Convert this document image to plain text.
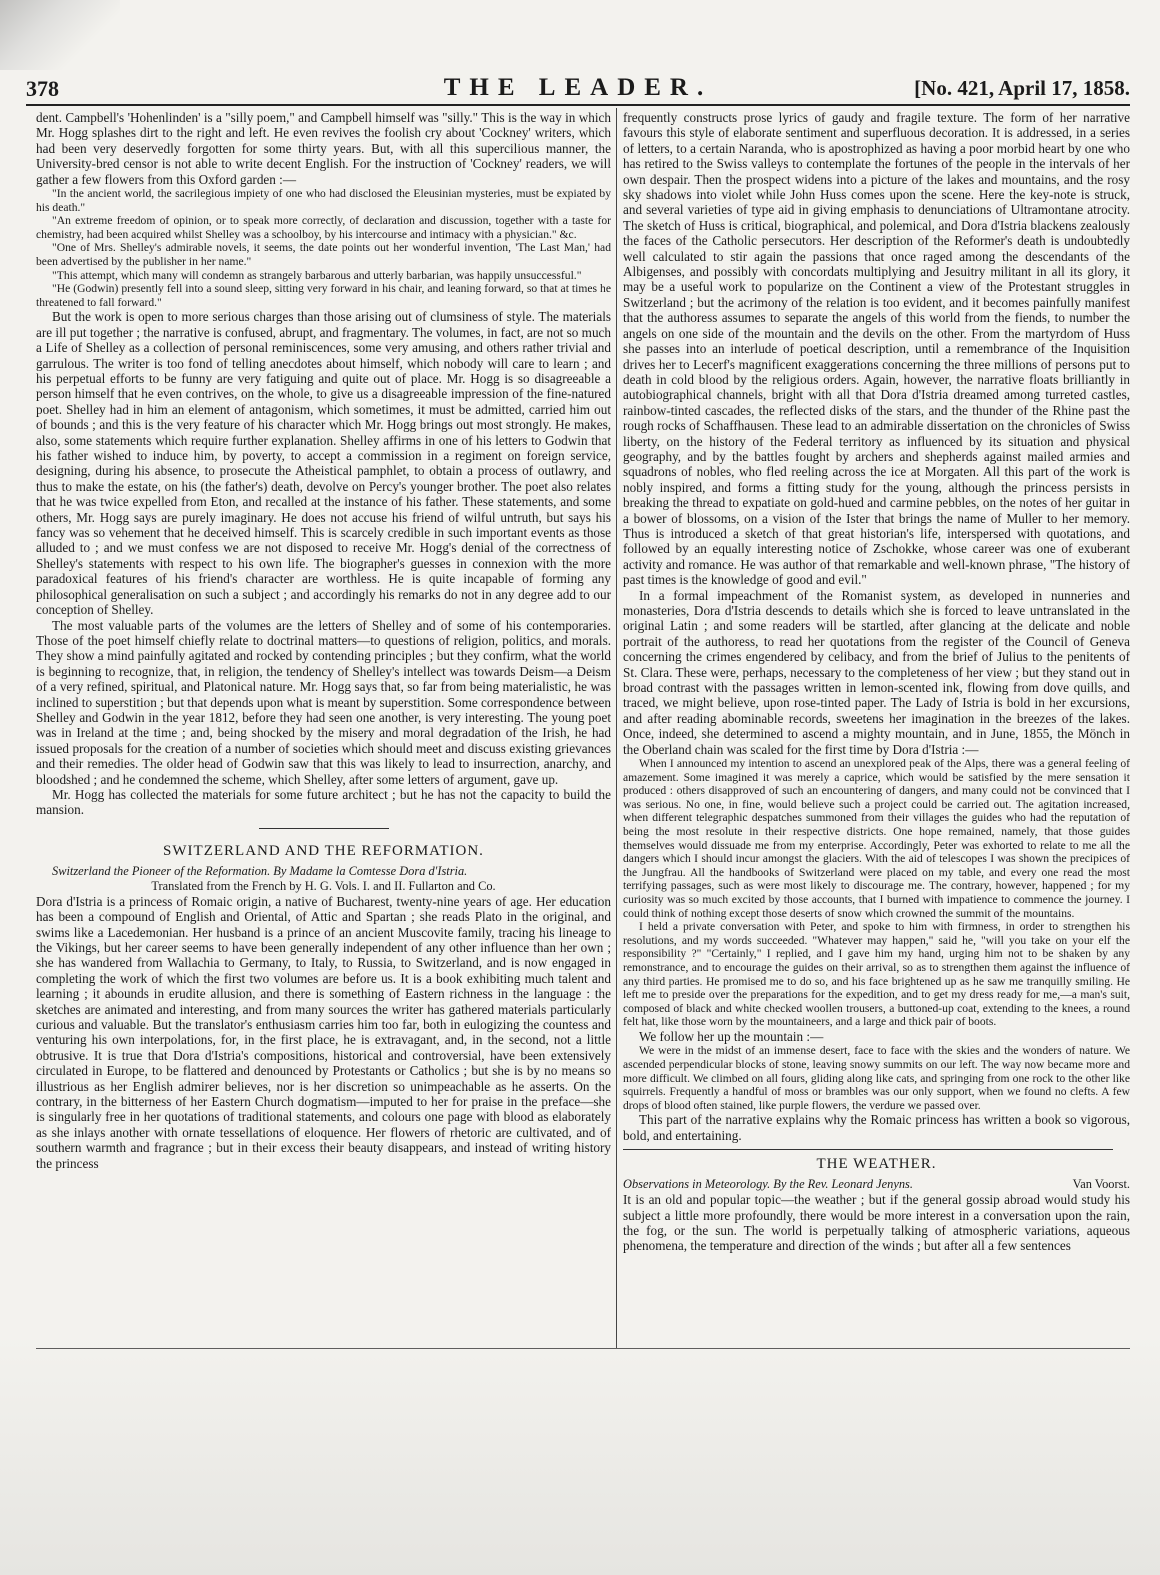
378	THE LEADER.	[No. 421, April 17, 1858.

dent. Campbell's 'Hohenlinden' is a "silly poem," and Campbell himself was "silly." This is the way in which Mr. Hogg splashes dirt to the right and left. He even revives the foolish cry about 'Cockney' writers, which had been very deservedly forgotten for some thirty years. But, with all this supercilious manner, the University-bred censor is not able to write decent English. For the instruction of 'Cockney' readers, we will gather a few flowers from this Oxford garden :—

"In the ancient world, the sacrilegious impiety of one who had disclosed the Eleusinian mysteries, must be expiated by his death."

"An extreme freedom of opinion, or to speak more correctly, of declaration and discussion, together with a taste for chemistry, had been acquired whilst Shelley was a schoolboy, by his intercourse and intimacy with a physician." &c.

"One of Mrs. Shelley's admirable novels, it seems, the date points out her wonderful invention, 'The Last Man,' had been advertised by the publisher in her name."

"This attempt, which many will condemn as strangely barbarous and utterly barbarian, was happily unsuccessful."

"He (Godwin) presently fell into a sound sleep, sitting very forward in his chair, and leaning forward, so that at times he threatened to fall forward."

But the work is open to more serious charges than those arising out of clumsiness of style. The materials are ill put together ; the narrative is confused, abrupt, and fragmentary. The volumes, in fact, are not so much a Life of Shelley as a collection of personal reminiscences, some very amusing, and others rather trivial and garrulous. The writer is too fond of telling anecdotes about himself, which nobody will care to learn ; and his perpetual efforts to be funny are very fatiguing and quite out of place. Mr. Hogg is so disagreeable a person himself that he even contrives, on the whole, to give us a disagreeable impression of the fine-natured poet. Shelley had in him an element of antagonism, which sometimes, it must be admitted, carried him out of bounds ; and this is the very feature of his character which Mr. Hogg brings out most strongly. He makes, also, some statements which require further explanation. Shelley affirms in one of his letters to Godwin that his father wished to induce him, by poverty, to accept a commission in a regiment on foreign service, designing, during his absence, to prosecute the Atheistical pamphlet, to obtain a process of outlawry, and thus to make the estate, on his (the father's) death, devolve on Percy's younger brother. The poet also relates that he was twice expelled from Eton, and recalled at the instance of his father. These statements, and some others, Mr. Hogg says are purely imaginary. He does not accuse his friend of wilful untruth, but says his fancy was so vehement that he deceived himself. This is scarcely credible in such important events as those alluded to ; and we must confess we are not disposed to receive Mr. Hogg's denial of the correctness of Shelley's statements with respect to his own life. The biographer's guesses in connexion with the more paradoxical features of his friend's character are worthless. He is quite incapable of forming any philosophical generalisation on such a subject ; and accordingly his remarks do not in any degree add to our conception of Shelley.

The most valuable parts of the volumes are the letters of Shelley and of some of his contemporaries. Those of the poet himself chiefly relate to doctrinal matters—to questions of religion, politics, and morals. They show a mind painfully agitated and rocked by contending principles ; but they confirm, what the world is beginning to recognize, that, in religion, the tendency of Shelley's intellect was towards Deism—a Deism of a very refined, spiritual, and Platonical nature. Mr. Hogg says that, so far from being materialistic, he was inclined to superstition ; but that depends upon what is meant by superstition. Some correspondence between Shelley and Godwin in the year 1812, before they had seen one another, is very interesting. The young poet was in Ireland at the time ; and, being shocked by the misery and moral degradation of the Irish, he had issued proposals for the creation of a number of societies which should meet and discuss existing grievances and their remedies. The older head of Godwin saw that this was likely to lead to insurrection, anarchy, and bloodshed ; and he condemned the scheme, which Shelley, after some letters of argument, gave up.

Mr. Hogg has collected the materials for some future architect ; but he has not the capacity to build the mansion.

SWITZERLAND AND THE REFORMATION.

Switzerland the Pioneer of the Reformation. By Madame la Comtesse Dora d'Istria.

Translated from the French by H. G. Vols. I. and II. Fullarton and Co.

Dora d'Istria is a princess of Romaic origin, a native of Bucharest, twenty-nine years of age. Her education has been a compound of English and Oriental, of Attic and Spartan ; she reads Plato in the original, and swims like a Lacedemonian. Her husband is a prince of an ancient Muscovite family, tracing his lineage to the Vikings, but her career seems to have been generally independent of any other influence than her own ; she has wandered from Wallachia to Germany, to Italy, to Russia, to Switzerland, and is now engaged in completing the work of which the first two volumes are before us. It is a book exhibiting much talent and learning ; it abounds in erudite allusion, and there is something of Eastern richness in the language : the sketches are animated and interesting, and from many sources the writer has gathered materials particularly curious and valuable. But the translator's enthusiasm carries him too far, both in eulogizing the countess and venturing his own interpolations, for, in the first place, he is extravagant, and, in the second, not a little obtrusive. It is true that Dora d'Istria's compositions, historical and controversial, have been extensively circulated in Europe, to be flattered and denounced by Protestants or Catholics ; but she is by no means so illustrious as her English admirer believes, nor is her discretion so unimpeachable as he asserts. On the contrary, in the bitterness of her Eastern Church dogmatism—imputed to her for praise in the preface—she is singularly free in her quotations of traditional statements, and colours one page with blood as elaborately as she inlays another with ornate tessellations of eloquence. Her flowers of rhetoric are cultivated, and of southern warmth and fragrance ; but in their excess their beauty disappears, and instead of writing history the princess

frequently constructs prose lyrics of gaudy and fragile texture. The form of her narrative favours this style of elaborate sentiment and superfluous decoration. It is addressed, in a series of letters, to a certain Naranda, who is apostrophized as having a poor morbid heart by one who has retired to the Swiss valleys to contemplate the fortunes of the people in the intervals of her own despair. Then the prospect widens into a picture of the lakes and mountains, and the rosy sky shadows into violet while John Huss comes upon the scene. Here the key-note is struck, and several varieties of type aid in giving emphasis to denunciations of Ultramontane atrocity. The sketch of Huss is critical, biographical, and polemical, and Dora d'Istria blackens zealously the faces of the Catholic persecutors. Her description of the Reformer's death is undoubtedly well calculated to stir again the passions that once raged among the descendants of the Albigenses, and possibly with concordats multiplying and Jesuitry militant in all its glory, it may be a useful work to popularize on the Continent a view of the Protestant struggles in Switzerland ; but the acrimony of the relation is too evident, and it becomes painfully manifest that the authoress assumes to separate the angels of this world from the fiends, to number the angels on one side of the mountain and the devils on the other. From the martyrdom of Huss she passes into an interlude of poetical description, until a remembrance of the Inquisition drives her to Lecerf's magnificent exaggerations concerning the three millions of persons put to death in cold blood by the religious orders. Again, however, the narrative floats brilliantly in autobiographical channels, bright with all that Dora d'Istria dreamed among turreted castles, rainbow-tinted cascades, the reflected disks of the stars, and the thunder of the Rhine past the rough rocks of Schaffhausen. These lead to an admirable dissertation on the chronicles of Swiss liberty, on the history of the Federal territory as influenced by its situation and physical geography, and by the battles fought by archers and shepherds against mailed armies and squadrons of nobles, who fled reeling across the ice at Morgaten. All this part of the work is nobly inspired, and forms a fitting study for the young, although the princess persists in breaking the thread to expatiate on gold-hued and carmine pebbles, on the notes of her guitar in a bower of blossoms, on a vision of the Ister that brings the name of Muller to her memory. Thus is introduced a sketch of that great historian's life, interspersed with quotations, and followed by an equally interesting notice of Zschokke, whose career was one of exuberant activity and romance. He was author of that remarkable and well-known phrase, "The history of past times is the knowledge of good and evil."

In a formal impeachment of the Romanist system, as developed in nunneries and monasteries, Dora d'Istria descends to details which she is forced to leave untranslated in the original Latin ; and some readers will be startled, after glancing at the delicate and noble portrait of the authoress, to read her quotations from the register of the Council of Geneva concerning the crimes engendered by celibacy, and from the brief of Julius to the penitents of St. Clara. These were, perhaps, necessary to the completeness of her view ; but they stand out in broad contrast with the passages written in lemon-scented ink, flowing from dove quills, and traced, we might believe, upon rose-tinted paper. The Lady of Istria is bold in her excursions, and after reading abominable records, sweetens her imagination in the breezes of the lakes. Once, indeed, she determined to ascend a mighty mountain, and in June, 1855, the Mönch in the Oberland chain was scaled for the first time by Dora d'Istria :—

When I announced my intention to ascend an unexplored peak of the Alps, there was a general feeling of amazement. Some imagined it was merely a caprice, which would be satisfied by the mere sensation it produced : others disapproved of such an encountering of dangers, and many could not be convinced that I was serious. No one, in fine, would believe such a project could be carried out. The agitation increased, when different telegraphic despatches summoned from their villages the guides who had the reputation of being the most resolute in their respective districts. One hope remained, namely, that those guides themselves would dissuade me from my enterprise. Accordingly, Peter was exhorted to relate to me all the dangers which I should incur amongst the glaciers. With the aid of telescopes I was shown the precipices of the Jungfrau. All the handbooks of Switzerland were placed on my table, and every one read the most terrifying passages, such as were most likely to discourage me. The contrary, however, happened ; for my curiosity was so much excited by those accounts, that I burned with impatience to commence the journey. I could think of nothing except those deserts of snow which crowned the summit of the mountains.

I held a private conversation with Peter, and spoke to him with firmness, in order to strengthen his resolutions, and my words succeeded. "Whatever may happen," said he, "will you take on your elf the responsibility ?" "Certainly," I replied, and I gave him my hand, urging him not to be shaken by any remonstrance, and to encourage the guides on their arrival, so as to strengthen them against the influence of any third parties. He promised me to do so, and his face brightened up as he saw me tranquilly smiling. He left me to preside over the preparations for the expedition, and to get my dress ready for me,—a man's suit, composed of black and white checked woollen trousers, a buttoned-up coat, extending to the knees, a round felt hat, like those worn by the mountaineers, and a large and thick pair of boots.

We follow her up the mountain :—

We were in the midst of an immense desert, face to face with the skies and the wonders of nature. We ascended perpendicular blocks of stone, leaving snowy summits on our left. The way now became more and more difficult. We climbed on all fours, gliding along like cats, and springing from one rock to the other like squirrels. Frequently a handful of moss or brambles was our only support, when we found no clefts. A few drops of blood often stained, like purple flowers, the verdure we passed over.

This part of the narrative explains why the Romaic princess has written a book so vigorous, bold, and entertaining.

THE WEATHER.
Observations in Meteorology. By the Rev. Leonard Jenyns.	Van Voorst.

It is an old and popular topic—the weather ; but if the general gossip abroad would study his subject a little more profoundly, there would be more interest in a conversation upon the rain, the fog, or the sun. The world is perpetually talking of atmospheric variations, aqueous phenomena, the temperature and direction of the winds ; but after all a few sentences
